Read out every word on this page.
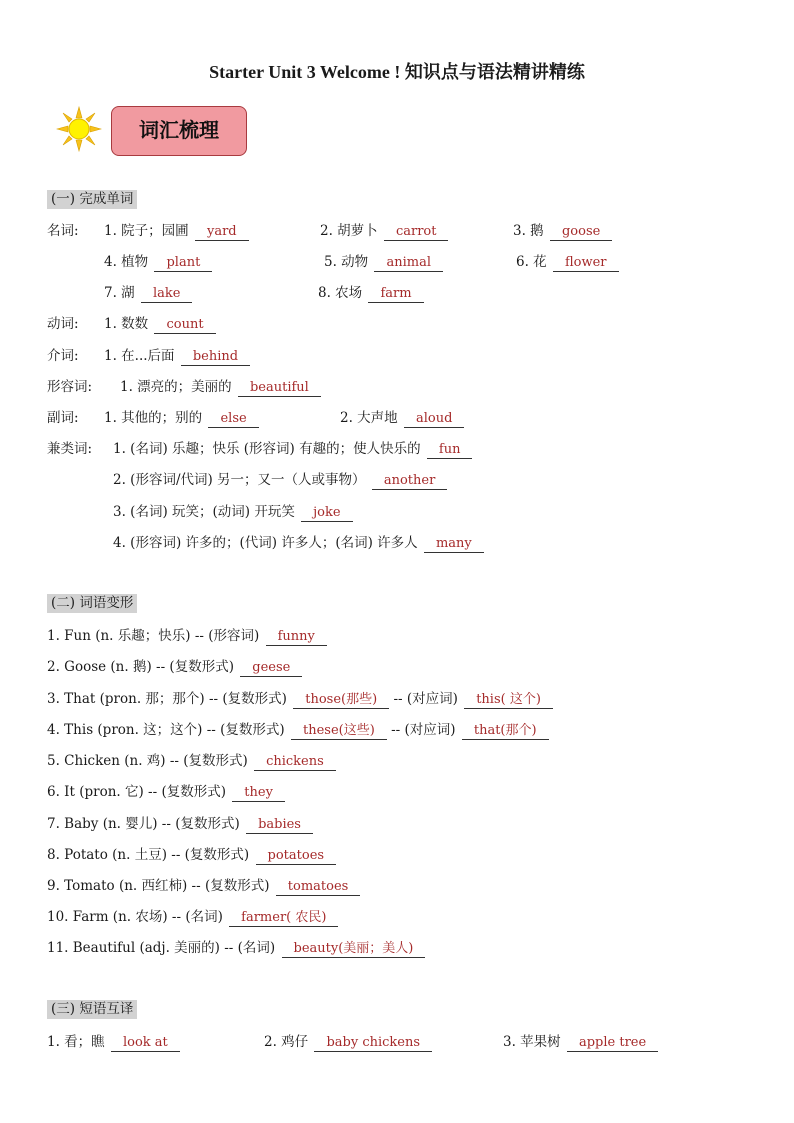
Starter Unit 3 Welcome ! 知识点与语法精讲精练
词汇梳理
(一) 完成单词
名词: 1. 院子；园圃 yard	2. 胡萝卜 carrot	3. 鹅 goose
4. 植物 plant	5. 动物 animal	6. 花 flower
7. 湖 lake	8. 农场 farm
动词: 1. 数数 count
介词: 1. 在...后面 behind
形容词: 1. 漂亮的；美丽的 beautiful
副词: 1. 其他的；别的 else	2. 大声地 aloud
兼类词: 1. (名词) 乐趣；快乐 (形容词) 有趣的；使人快乐的 fun
2. (形容词/代词) 另一；又一（人或事物） another
3. (名词) 玩笑；(动词) 开玩笑 joke
4. (形容词) 许多的；(代词) 许多人；(名词) 许多人 many
(二) 词语变形
1. Fun (n. 乐趣；快乐) -- (形容词) funny
2. Goose (n. 鹅) -- (复数形式) geese
3. That (pron. 那；那个) -- (复数形式) those(那些) -- (对应词) this( 这个)
4. This (pron. 这；这个) -- (复数形式) these(这些) -- (对应词) that(那个)
5. Chicken (n. 鸡) -- (复数形式) chickens
6. It (pron. 它) -- (复数形式) they
7. Baby (n. 婴儿) -- (复数形式) babies
8. Potato (n. 土豆) -- (复数形式) potatoes
9. Tomato (n. 西红柿) -- (复数形式) tomatoes
10. Farm (n. 农场) -- (名词) farmer( 农民)
11. Beautiful (adj. 美丽的) -- (名词) beauty(美丽；美人)
(三) 短语互译
1. 看；瞧 look at	2. 鸡仔 baby chickens	3. 苹果树 apple tree
